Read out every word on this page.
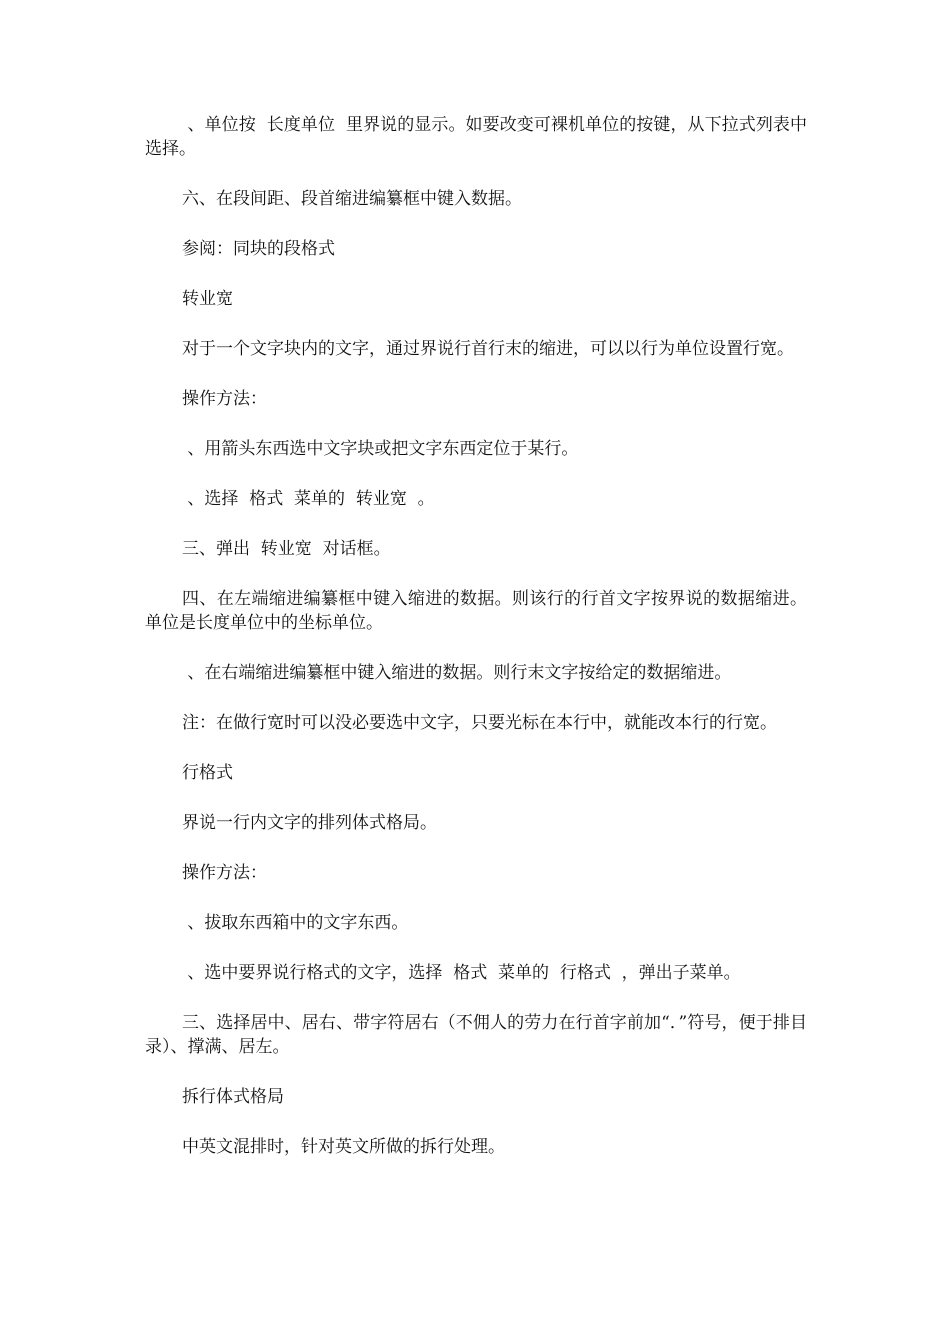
、单位按  长度单位  里界说的显示。如要改变可裸机单位的按键，从下拉式列表中选择。

六、在段间距、段首缩进编纂框中键入数据。

参阅：同块的段格式

转业宽

对于一个文字块内的文字，通过界说行首行末的缩进，可以以行为单位设置行宽。

操作方法：

、用箭头东西选中文字块或把文字东西定位于某行。

、选择  格式  菜单的  转业宽  。

三、弹出  转业宽  对话框。

四、在左端缩进编纂框中键入缩进的数据。则该行的行首文字按界说的数据缩进。单位是长度单位中的坐标单位。

、在右端缩进编纂框中键入缩进的数据。则行末文字按给定的数据缩进。

注：在做行宽时可以没必要选中文字，只要光标在本行中，就能改本行的行宽。

行格式

界说一行内文字的排列体式格局。

操作方法：

、拔取东西箱中的文字东西。

、选中要界说行格式的文字，选择  格式  菜单的  行格式  ，弹出子菜单。

三、选择居中、居右、带字符居右（不佣人的劳力在行首字前加“．”符号，便于排目录）、撑满、居左。

拆行体式格局

中英文混排时，针对英文所做的拆行处理。
